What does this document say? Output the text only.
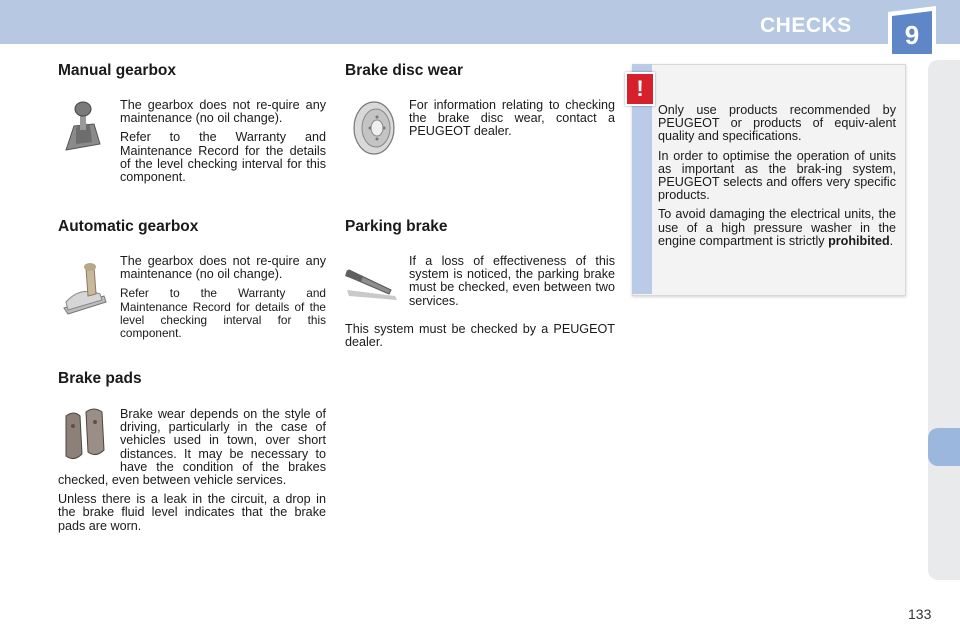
CHECKS 9
Manual gearbox

The gearbox does not re-quire any maintenance (no oil change).

Refer to the Warranty and Maintenance Record for the details of the level checking interval for this component.

Automatic gearbox

The gearbox does not re-quire any maintenance (no oil change).

Refer to the Warranty and Maintenance Record for details of the level checking interval for this component.

Brake pads

Brake wear depends on the style of driving, particularly in the case of vehicles used in town, over short distances. It may be necessary to have the condition of the brakes checked, even between vehicle services.

Unless there is a leak in the circuit, a drop in the brake fluid level indicates that the brake pads are worn.

Brake disc wear

For information relating to checking the brake disc wear, contact a PEUGEOT dealer.

Parking brake

If a loss of effectiveness of this system is noticed, the parking brake must be checked, even between two services.

This system must be checked by a PEUGEOT dealer.

!

Only use products recommended by PEUGEOT or products of equiv-alent quality and specifications.

In order to optimise the operation of units as important as the brak-ing system, PEUGEOT selects and offers very specific products.

To avoid damaging the electrical units, the use of a high pressure washer in the engine compartment is strictly prohibited.

133
